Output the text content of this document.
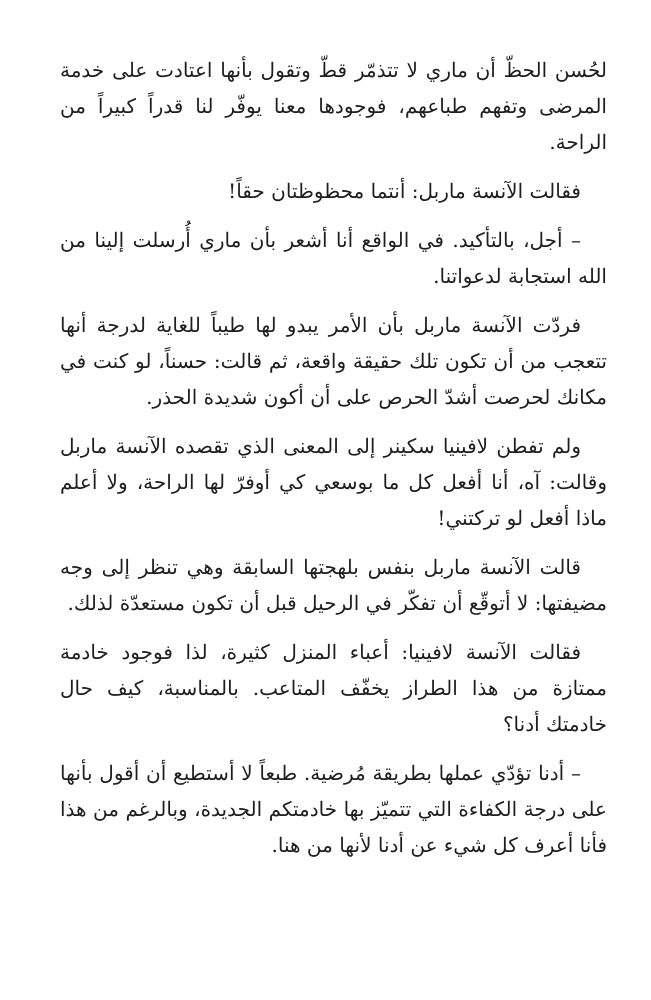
لحُسن الحظّ أن ماري لا تتذمّر قطّ وتقول بأنها اعتادت على خدمة المرضى وتفهم طباعهم، فوجودها معنا يوفّر لنا قدراً كبيراً من الراحة.

فقالت الآنسة ماربل: أنتما محظوظتان حقاً!

– أجل، بالتأكيد. في الواقع أنا أشعر بأن ماري أُرسلت إلينا من الله استجابة لدعواتنا.

فردّت الآنسة ماربل بأن الأمر يبدو لها طيباً للغاية لدرجة أنها تتعجب من أن تكون تلك حقيقة واقعة، ثم قالت: حسناً، لو كنت في مكانك لحرصت أشدّ الحرص على أن أكون شديدة الحذر.

ولم تفطن لافينيا سكينر إلى المعنى الذي تقصده الآنسة ماربل وقالت: آه، أنا أفعل كل ما بوسعي كي أوفرّ لها الراحة، ولا أعلم ماذا أفعل لو تركتني!

قالت الآنسة ماربل بنفس بلهجتها السابقة وهي تنظر إلى وجه مضيفتها: لا أتوقّع أن تفكّر في الرحيل قبل أن تكون مستعدّة لذلك.

فقالت الآنسة لافينيا: أعباء المنزل كثيرة، لذا فوجود خادمة ممتازة من هذا الطراز يخفّف المتاعب. بالمناسبة، كيف حال خادمتك أدنا؟

– أدنا تؤدّي عملها بطريقة مُرضية. طبعاً لا أستطيع أن أقول بأنها على درجة الكفاءة التي تتميّز بها خادمتكم الجديدة، وبالرغم من هذا فأنا أعرف كل شيء عن أدنا لأنها من هنا.
